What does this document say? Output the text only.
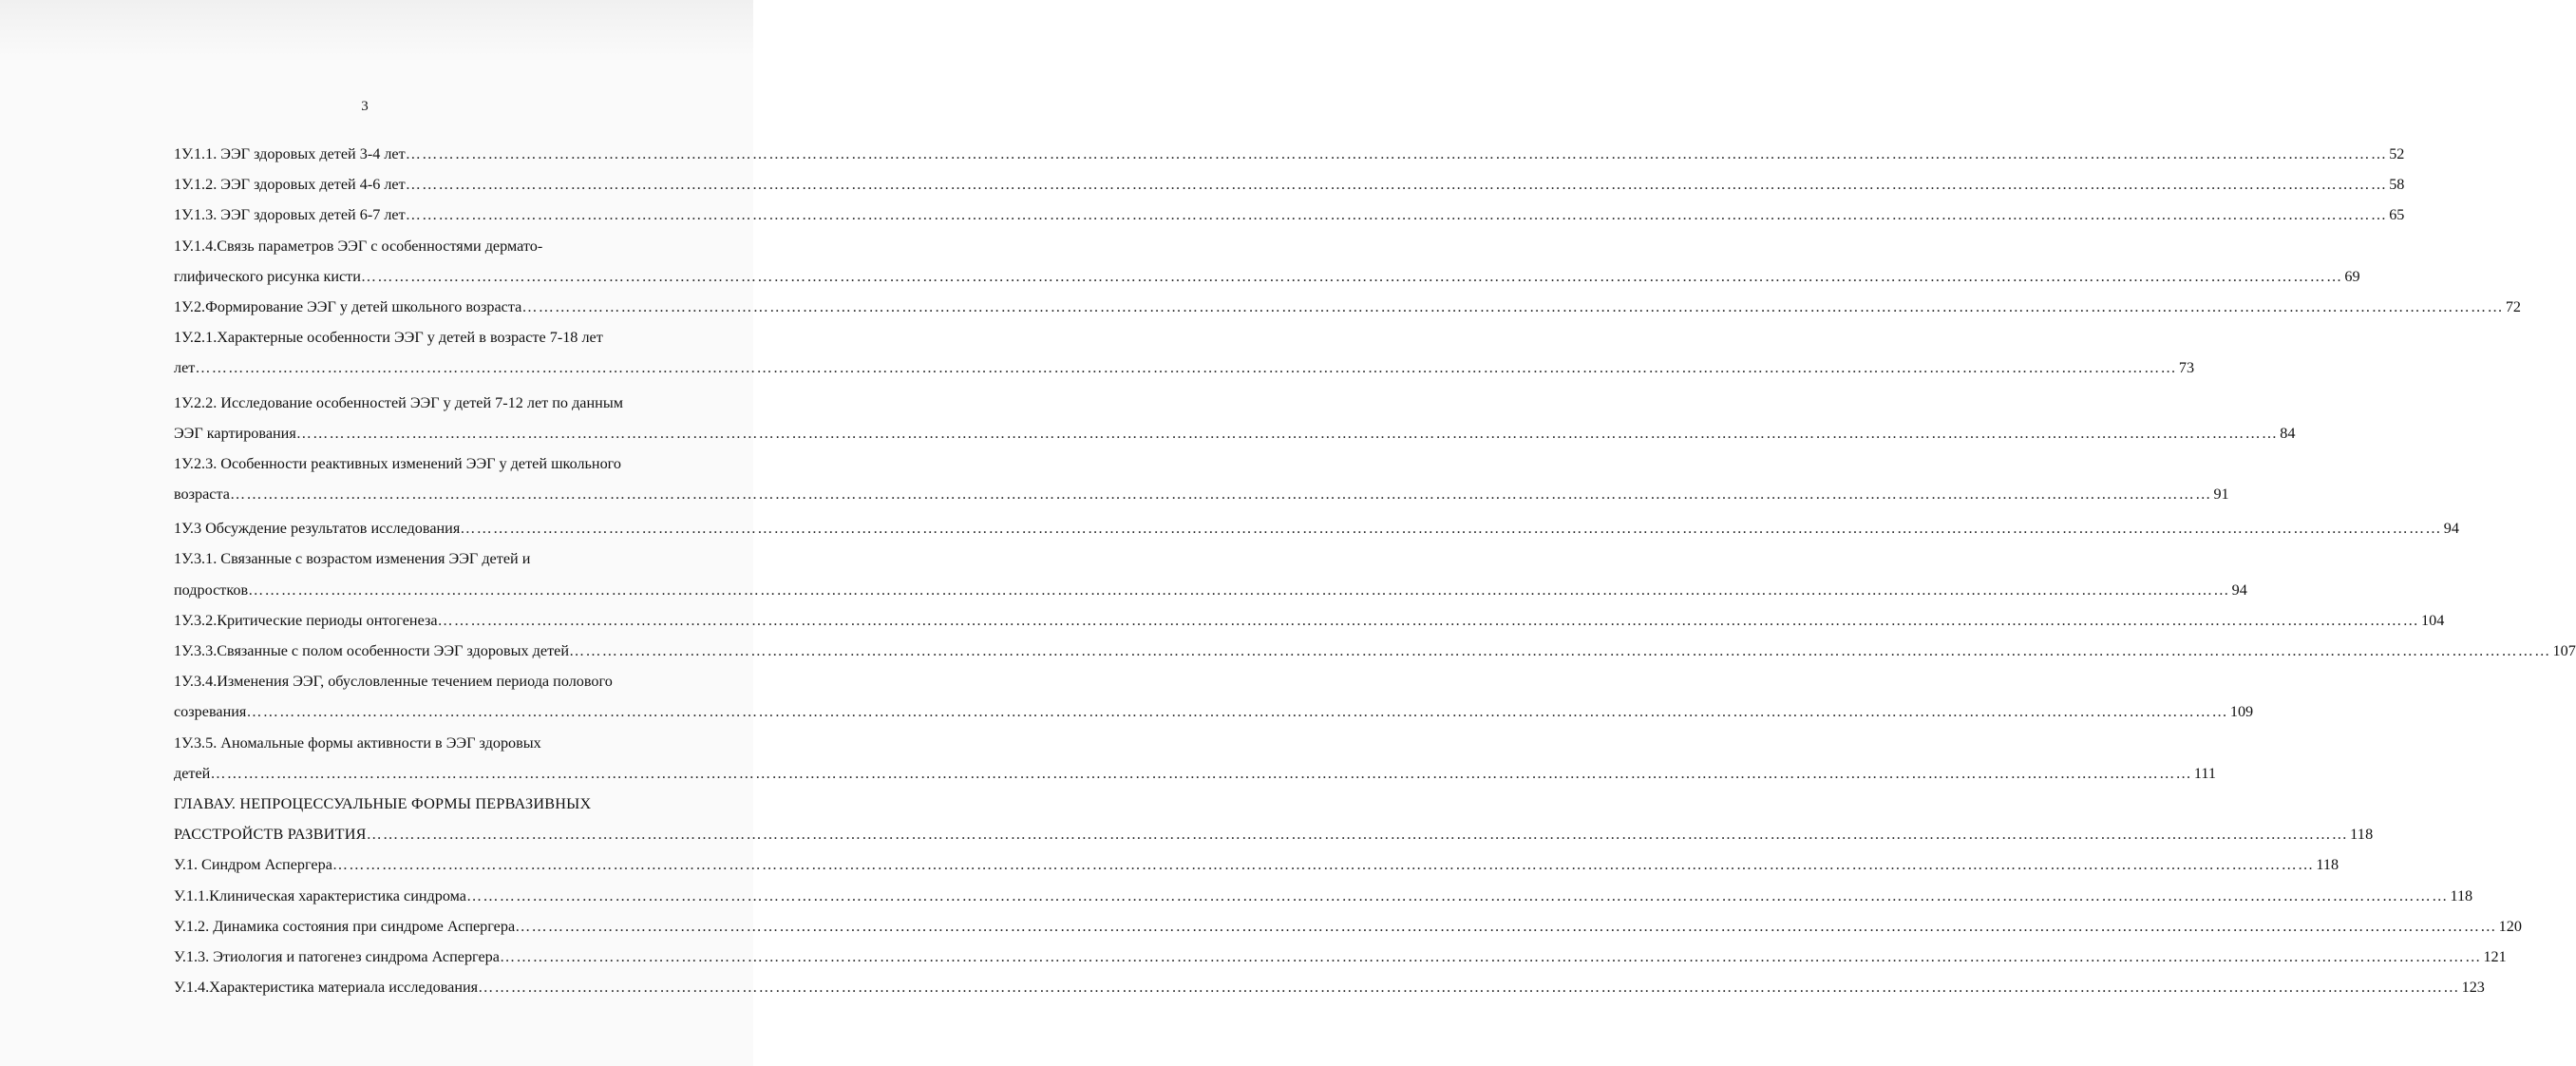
3
1У.1.1. ЭЭГ здоровых детей 3-4 лет ……………………………………………………………………………………………………………………………………………………………………………………………………………………………………………………………………………………………………………………………… 52
1У.1.2. ЭЭГ здоровых детей 4-6 лет ……………………………………………………………………………………………………………………………………………………………………………………………………………………………………………………………………………………………………………………………… 58
1У.1.3. ЭЭГ здоровых детей 6-7 лет ……………………………………………………………………………………………………………………………………………………………………………………………………………………………………………………………………………………………………………………………… 65
1У.1.4.Связь параметров ЭЭГ с особенностями дермато-
глифического рисунка кисти ……………………………………………………………………………………………………………………………………………………………………………………………………………………………………………………………………………………………………………………………… 69
1У.2.Формирование ЭЭГ у детей школьного возраста ……………………………………………………………………………………………………………………………………………………………………………………………………………………………………………………………………………………………………………………………… 72
1У.2.1.Характерные особенности ЭЭГ у детей в возрасте 7-18 лет
лет ……………………………………………………………………………………………………………………………………………………………………………………………………………………………………………………………………………………………………………………………… 73
1У.2.2. Исследование особенностей ЭЭГ у детей 7-12 лет по данным
ЭЭГ картирования ……………………………………………………………………………………………………………………………………………………………………………………………………………………………………………………………………………………………………………………………… 84
1У.2.3. Особенности реактивных изменений ЭЭГ у детей школьного
возраста ……………………………………………………………………………………………………………………………………………………………………………………………………………………………………………………………………………………………………………………………… 91
1У.3 Обсуждение результатов исследования ……………………………………………………………………………………………………………………………………………………………………………………………………………………………………………………………………………………………………………………………… 94
1У.3.1. Связанные с возрастом изменения ЭЭГ детей и
подростков ……………………………………………………………………………………………………………………………………………………………………………………………………………………………………………………………………………………………………………………………… 94
1У.3.2.Критические периоды онтогенеза ……………………………………………………………………………………………………………………………………………………………………………………………………………………………………………………………………………………………………………………………… 104
1У.3.3.Связанные с полом особенности ЭЭГ здоровых детей ……………………………………………………………………………………………………………………………………………………………………………………………………………………………………………………………………………………………………………………………… 107
1У.3.4.Изменения ЭЭГ, обусловленные течением периода полового
созревания ……………………………………………………………………………………………………………………………………………………………………………………………………………………………………………………………………………………………………………………………… 109
1У.3.5. Аномальные формы активности в ЭЭГ здоровых
детей ……………………………………………………………………………………………………………………………………………………………………………………………………………………………………………………………………………………………………………………………… 111
ГЛАВАУ. НЕПРОЦЕССУАЛЬНЫЕ ФОРМЫ ПЕРВАЗИВНЫХ
РАССТРОЙСТВ РАЗВИТИЯ ……………………………………………………………………………………………………………………………………………………………………………………………………………………………………………………………………………………………………………………………… 118
У.1. Синдром Аспергера ……………………………………………………………………………………………………………………………………………………………………………………………………………………………………………………………………………………………………………………………… 118
У.1.1.Клиническая характеристика синдрома ……………………………………………………………………………………………………………………………………………………………………………………………………………………………………………………………………………………………………………………………… 118
У.1.2. Динамика состояния при синдроме Аспергера ……………………………………………………………………………………………………………………………………………………………………………………………………………………………………………………………………………………………………………………………… 120
У.1.3. Этиология и патогенез синдрома Аспергера ……………………………………………………………………………………………………………………………………………………………………………………………………………………………………………………………………………………………………………………………… 121
У.1.4.Характеристика материала исследования ……………………………………………………………………………………………………………………………………………………………………………………………………………………………………………………………………………………………………………………………… 123
